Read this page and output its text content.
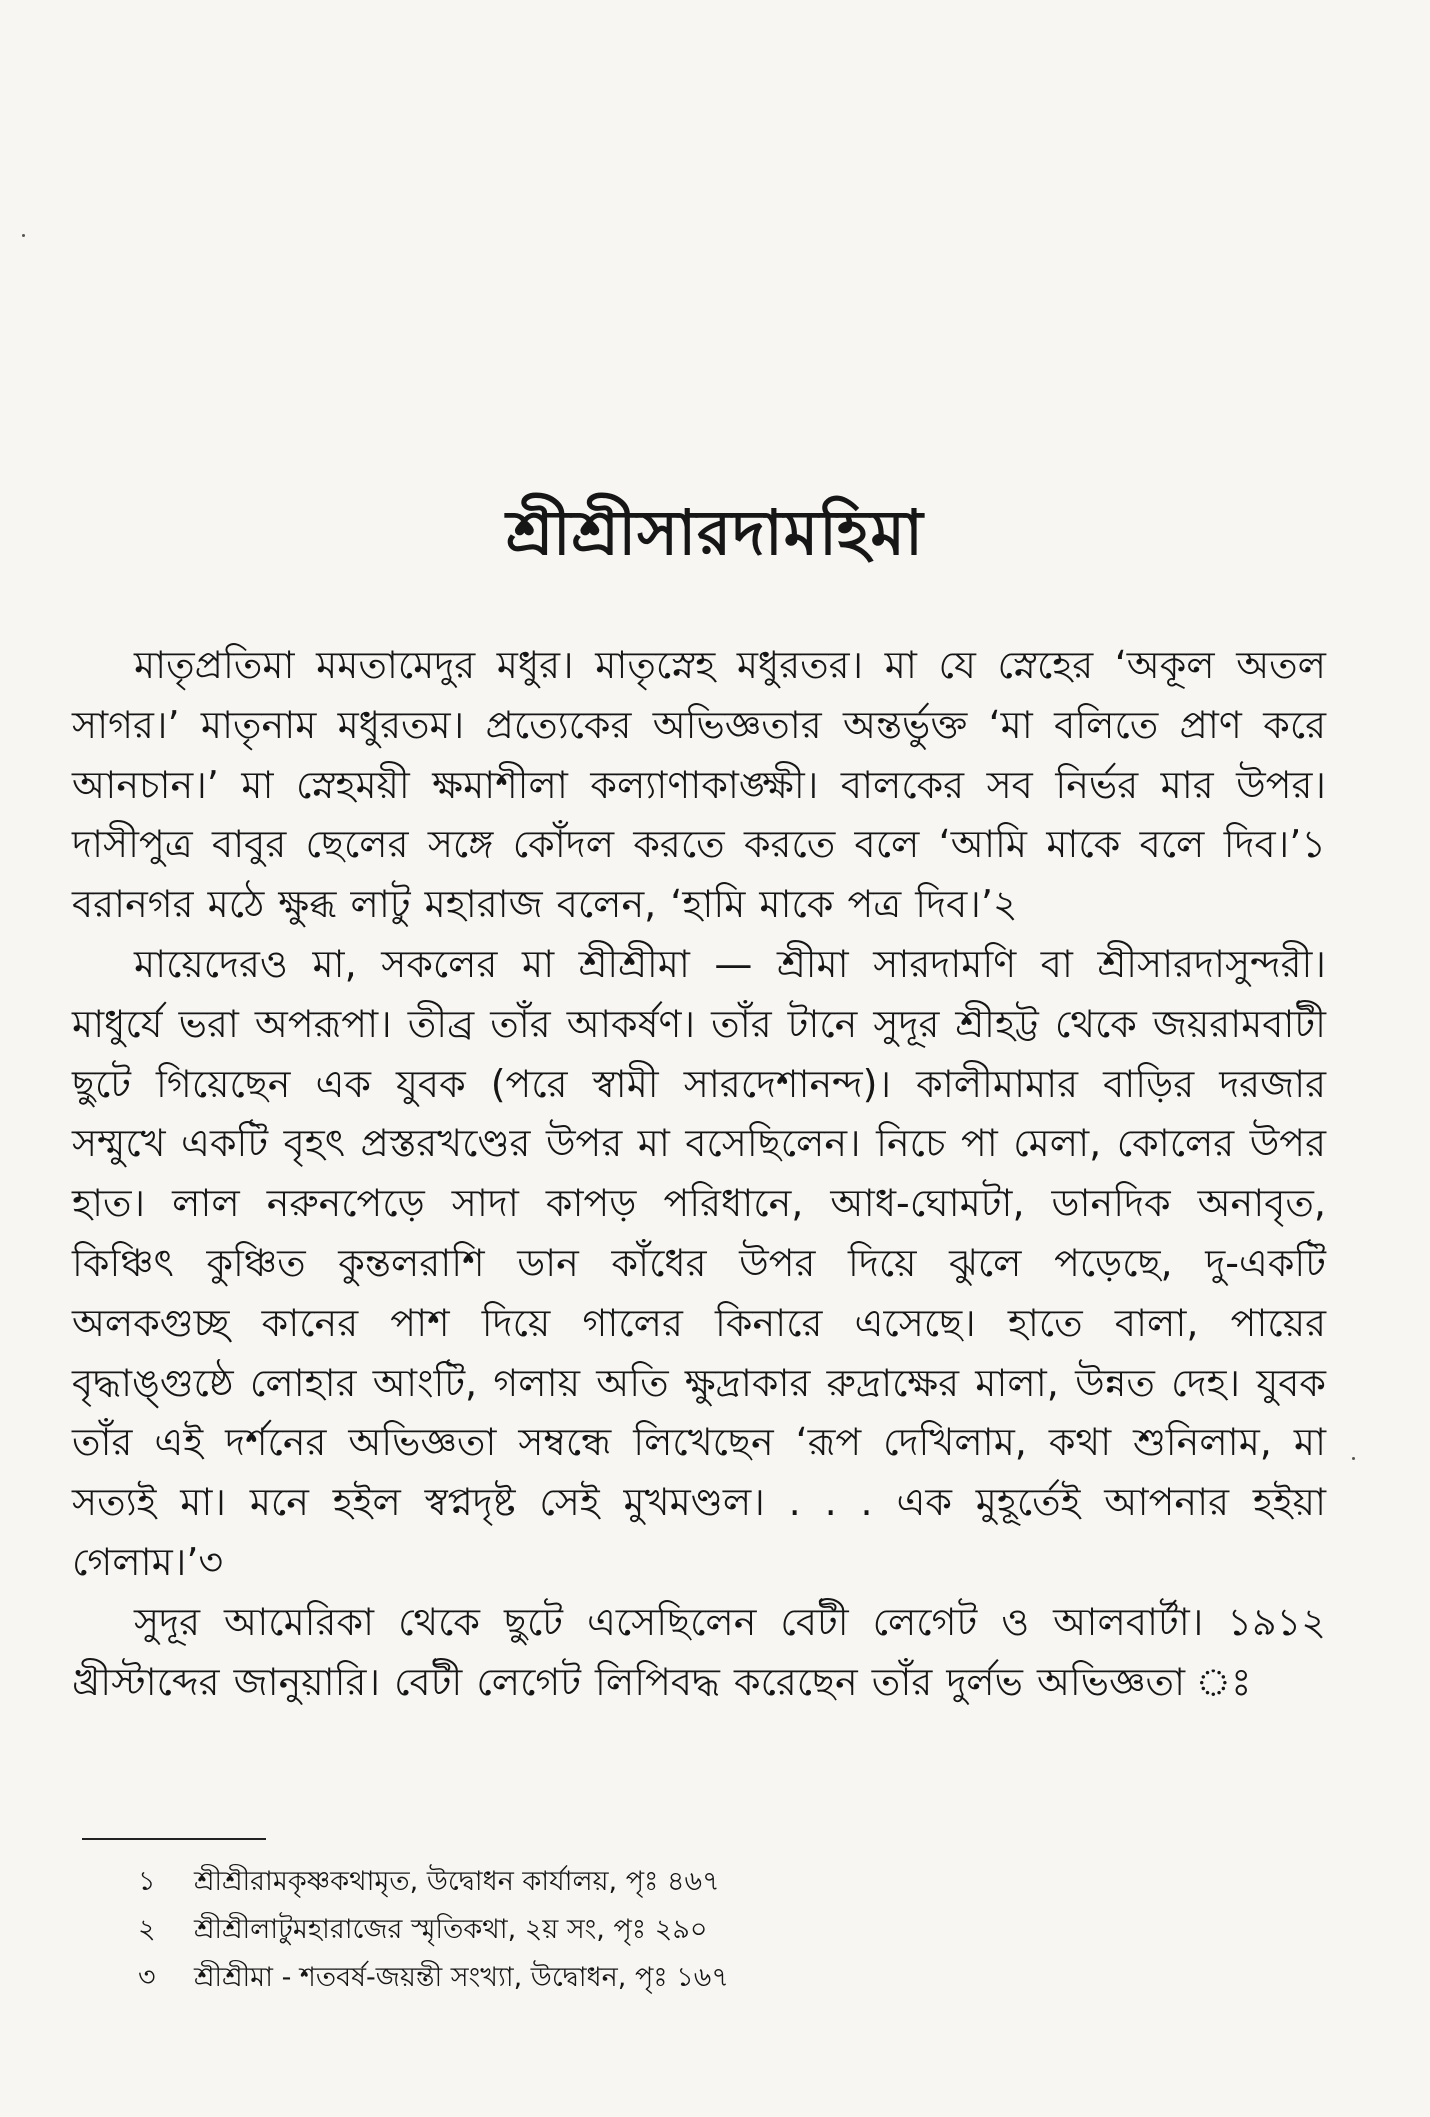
শ্রীশ্রীসারদামহিমা

মাতৃপ্রতিমা মমতামেদুর মধুর। মাতৃস্নেহ মধুরতর। মা যে স্নেহের ‘অকূল অতল সাগর।’ মাতৃনাম মধুরতম। প্রত্যেকের অভিজ্ঞতার অন্তর্ভুক্ত ‘মা বলিতে প্রাণ করে আনচান।’ মা স্নেহময়ী ক্ষমাশীলা কল্যাণাকাঙ্ক্ষী। বালকের সব নির্ভর মার উপর। দাসীপুত্র বাবুর ছেলের সঙ্গে কোঁদল করতে করতে বলে ‘আমি মাকে বলে দিব।’১ বরানগর মঠে ক্ষুব্ধ লাটু মহারাজ বলেন, ‘হামি মাকে পত্র দিব।’২

মায়েদেরও মা, সকলের মা শ্রীশ্রীমা — শ্রীমা সারদামণি বা শ্রীসারদাসুন্দরী। মাধুর্যে ভরা অপরূপা। তীব্র তাঁর আকর্ষণ। তাঁর টানে সুদূর শ্রীহট্ট থেকে জয়রামবাটী ছুটে গিয়েছেন এক যুবক (পরে স্বামী সারদেশানন্দ)। কালীমামার বাড়ির দরজার সম্মুখে একটি বৃহৎ প্রস্তরখণ্ডের উপর মা বসেছিলেন। নিচে পা মেলা, কোলের উপর হাত। লাল নরুনপেড়ে সাদা কাপড় পরিধানে, আধ-ঘোমটা, ডানদিক অনাবৃত, কিঞ্চিৎ কুঞ্চিত কুন্তলরাশি ডান কাঁধের উপর দিয়ে ঝুলে পড়েছে, দু-একটি অলকগুচ্ছ কানের পাশ দিয়ে গালের কিনারে এসেছে। হাতে বালা, পায়ের বৃদ্ধাঙ্গুষ্ঠে লোহার আংটি, গলায় অতি ক্ষুদ্রাকার রুদ্রাক্ষের মালা, উন্নত দেহ। যুবক তাঁর এই দর্শনের অভিজ্ঞতা সম্বন্ধে লিখেছেন ‘রূপ দেখিলাম, কথা শুনিলাম, মা সত্যই মা। মনে হইল স্বপ্নদৃষ্ট সেই মুখমণ্ডল। . . . এক মুহূর্তেই আপনার হইয়া গেলাম।’৩

সুদূর আমেরিকা থেকে ছুটে এসেছিলেন বেটী লেগেট ও আলবার্টা। ১৯১২ খ্রীস্টাব্দের জানুয়ারি। বেটী লেগেট লিপিবদ্ধ করেছেন তাঁর দুর্লভ অভিজ্ঞতা ঃ

১ শ্রীশ্রীরামকৃষ্ণকথামৃত, উদ্বোধন কার্যালয়, পৃঃ ৪৬৭
২ শ্রীশ্রীলাটুমহারাজের স্মৃতিকথা, ২য় সং, পৃঃ ২৯০
৩ শ্রীশ্রীমা - শতবর্ষ-জয়ন্তী সংখ্যা, উদ্বোধন, পৃঃ ১৬৭
